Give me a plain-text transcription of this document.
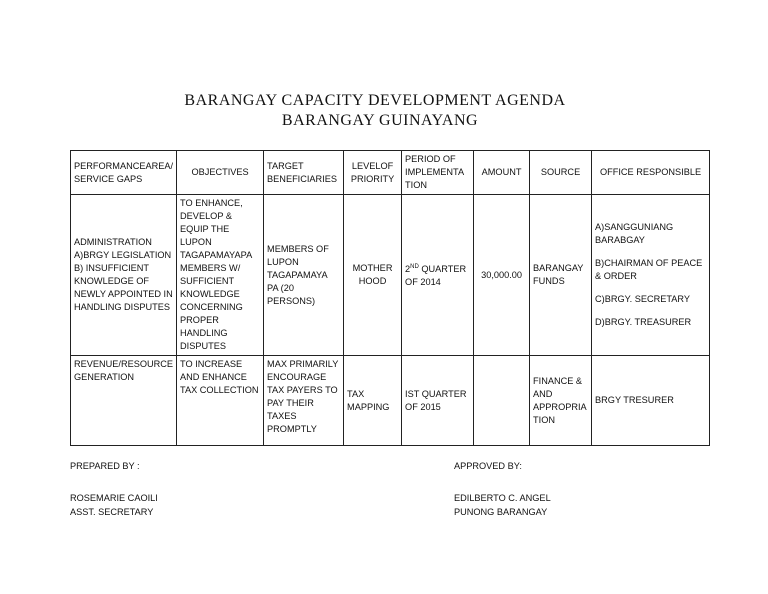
BARANGAY CAPACITY DEVELOPMENT AGENDA
BARANGAY GUINAYANG
PERFORMANCEAREA/ SERVICE GAPS	OBJECTIVES	TARGET BENEFICIARIES	LEVELOF PRIORITY	PERIOD OF IMPLEMENTA TION	AMOUNT	SOURCE	OFFICE RESPONSIBLE
ADMINISTRATION A)BRGY LEGISLATION B) INSUFFICIENT KNOWLEDGE OF NEWLY APPOINTED IN HANDLING DISPUTES	TO ENHANCE, DEVELOP & EQUIP THE LUPON TAGAPAMAYAPA MEMBERS W/ SUFFICIENT KNOWLEDGE CONCERNING PROPER HANDLING DISPUTES	MEMBERS OF LUPON TAGAPAMAYA PA (20 PERSONS)	MOTHER HOOD	2ND QUARTER OF 2014	30,000.00	BARANGAY FUNDS	A)SANGGUNIANG BARABGAY
B)CHAIRMAN OF PEACE & ORDER
C)BRGY. SECRETARY
D)BRGY. TREASURER

REVENUE/RESOURCE GENERATION	TO INCREASE AND ENHANCE TAX COLLECTION	MAX PRIMARILY ENCOURAGE TAX PAYERS TO PAY THEIR TAXES PROMPTLY	TAX MAPPING	IST QUARTER OF 2015		FINANCE & AND APPROPRIA TION	BRGY TRESURER
PREPARED BY :
ROSEMARIE CAOILI
ASST. SECRETARY
APPROVED BY:
EDILBERTO C. ANGEL
PUNONG BARANGAY
